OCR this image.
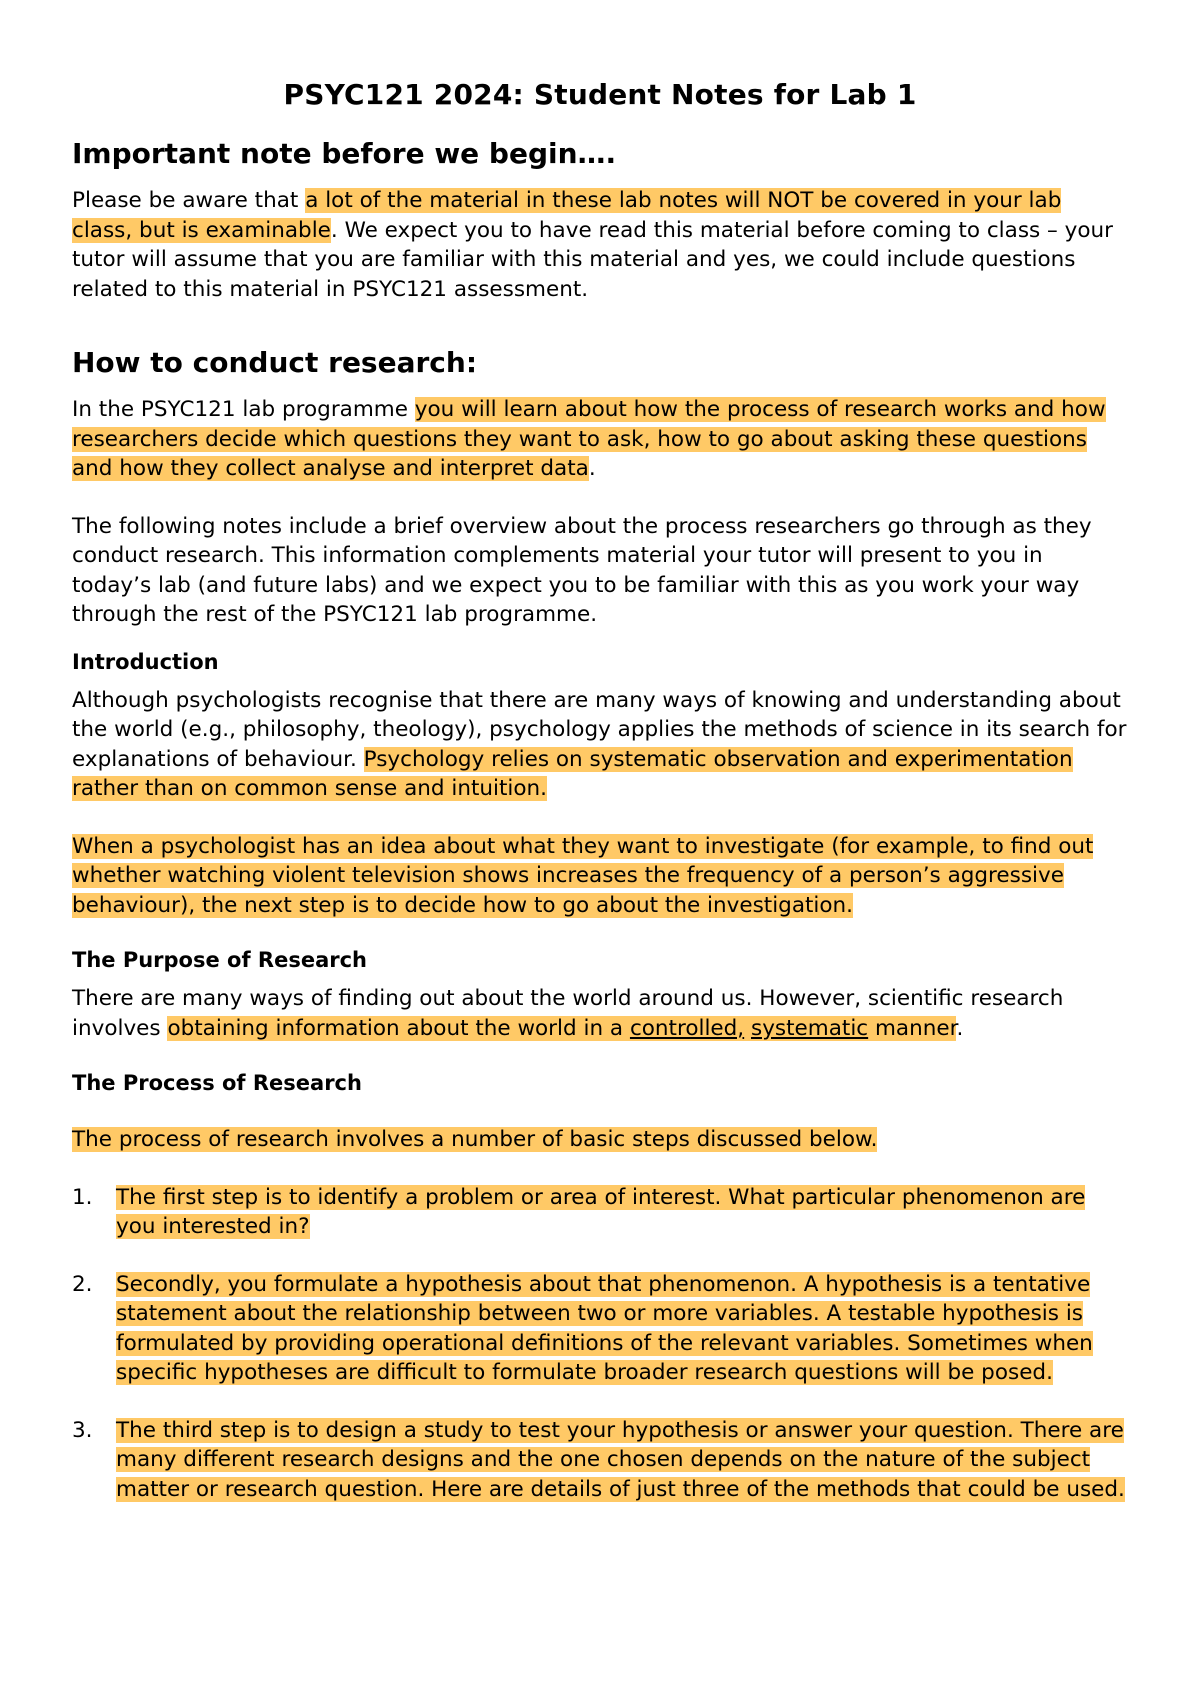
PSYC121 2024: Student Notes for Lab 1
Important note before we begin….

Please be aware that a lot of the material in these lab notes will NOT be covered in your lab class, but is examinable. We expect you to have read this material before coming to class – your tutor will assume that you are familiar with this material and yes, we could include questions related to this material in PSYC121 assessment.

How to conduct research:

In the PSYC121 lab programme you will learn about how the process of research works and how researchers decide which questions they want to ask, how to go about asking these questions and how they collect analyse and interpret data.

The following notes include a brief overview about the process researchers go through as they conduct research. This information complements material your tutor will present to you in today’s lab (and future labs) and we expect you to be familiar with this as you work your way through the rest of the PSYC121 lab programme.

Introduction

Although psychologists recognise that there are many ways of knowing and understanding about the world (e.g., philosophy, theology), psychology applies the methods of science in its search for explanations of behaviour. Psychology relies on systematic observation and experimentation rather than on common sense and intuition.

When a psychologist has an idea about what they want to investigate (for example, to find out whether watching violent television shows increases the frequency of a person’s aggressive behaviour), the next step is to decide how to go about the investigation.

The Purpose of Research

There are many ways of finding out about the world around us. However, scientific research involves obtaining information about the world in a controlled, systematic manner.

The Process of Research

The process of research involves a number of basic steps discussed below.

1. The first step is to identify a problem or area of interest. What particular phenomenon are you interested in?
2. Secondly, you formulate a hypothesis about that phenomenon. A hypothesis is a tentative statement about the relationship between two or more variables. A testable hypothesis is formulated by providing operational definitions of the relevant variables. Sometimes when specific hypotheses are difficult to formulate broader research questions will be posed.
3. The third step is to design a study to test your hypothesis or answer your question. There are many different research designs and the one chosen depends on the nature of the subject matter or research question. Here are details of just three of the methods that could be used.
